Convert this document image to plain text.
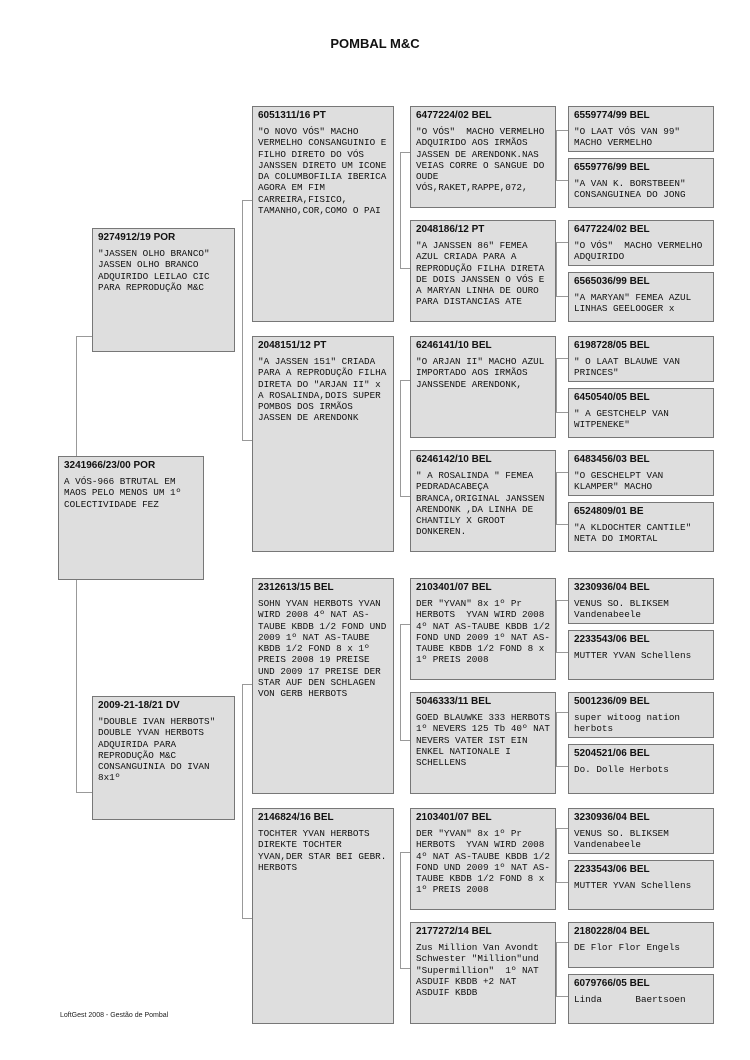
POMBAL M&C
3241966/23/00 POR
A VÓS-966 BTRUTAL EM MAOS PELO MENOS UM 1º COLECTIVIDADE FEZ
9274912/19 POR
"JASSEN OLHO BRANCO" JASSEN OLHO BRANCO ADQUIRIDO LEILAO CIC PARA REPRODUÇÃO M&C
2009-21-18/21 DV
"DOUBLE IVAN HERBOTS" DOUBLE YVAN HERBOTS ADQUIRIDA PARA REPRODUÇÃO M&C CONSANGUINIA DO IVAN 8x1º
6051311/16 PT
"O NOVO VÓS" MACHO VERMELHO CONSANGUINIO E FILHO DIRETO DO VÓS JANSSEN DIRETO UM ICONE DA COLUMBOFILIA IBERICA AGORA EM FIM CARREIRA,FISICO, TAMANHO,COR,COMO O PAI
2048151/12 PT
"A JASSEN 151" CRIADA PARA A REPRODUÇÃO FILHA DIRETA DO "ARJAN II" x A ROSALINDA,DOIS SUPER POMBOS DOS IRMÃOS JASSEN DE ARENDONK
2312613/15 BEL
SOHN YVAN HERBOTS YVAN WIRD 2008 4º NAT AS-TAUBE KBDB 1/2 FOND UND 2009 1º NAT AS-TAUBE KBDB 1/2 FOND 8 x 1º PREIS 2008 19 PREISE UND 2009 17 PREISE DER STAR AUF DEN SCHLAGEN VON GERB HERBOTS
2146824/16 BEL
TOCHTER YVAN HERBOTS DIREKTE TOCHTER YVAN,DER STAR BEI GEBR. HERBOTS
6477224/02 BEL
"O VÓS"  MACHO VERMELHO ADQUIRIDO AOS IRMÃOS JASSEN DE ARENDONK.NAS VEIAS CORRE O SANGUE DO OUDE VÓS,RAKET,RAPPE,072,
2048186/12 PT
"A JANSSEN 86" FEMEA AZUL CRIADA PARA A REPRODUÇÃO FILHA DIRETA DE DOIS JANSSEN O VÓS E A MARYAN LINHA DE OURO PARA DISTANCIAS ATE
6246141/10 BEL
"O ARJAN II" MACHO AZUL IMPORTADO AOS IRMÃOS JANSSENDE ARENDONK,
6246142/10 BEL
" A ROSALINDA " FEMEA PEDRADACABEÇA BRANCA,ORIGINAL JANSSEN ARENDONK ,DA LINHA DE CHANTILY X GROOT DONKEREN.
2103401/07 BEL
DER "YVAN" 8x 1º Pr HERBOTS  YVAN WIRD 2008 4º NAT AS-TAUBE KBDB 1/2 FOND UND 2009 1º NAT AS-TAUBE KBDB 1/2 FOND 8 x 1º PREIS 2008
5046333/11 BEL
GOED BLAUWKE 333 HERBOTS 1º NEVERS 125 Tb 40º NAT NEVERS VATER IST EIN ENKEL NATIONALE I SCHELLENS
2103401/07 BEL
DER "YVAN" 8x 1º Pr HERBOTS  YVAN WIRD 2008 4º NAT AS-TAUBE KBDB 1/2 FOND UND 2009 1º NAT AS-TAUBE KBDB 1/2 FOND 8 x 1º PREIS 2008
2177272/14 BEL
Zus Million Van Avondt Schwester "Million"und "Supermillion"  1º NAT ASDUIF KBDB +2 NAT ASDUIF KBDB
6559774/99 BEL
"O LAAT VÓS VAN 99" MACHO VERMELHO
6559776/99 BEL
"A VAN K. BORSTBEEN" CONSANGUINEA DO JONG
6477224/02 BEL
"O VÓS"  MACHO VERMELHO ADQUIRIDO
6565036/99 BEL
"A MARYAN" FEMEA AZUL LINHAS GEELOOGER x
6198728/05 BEL
" O LAAT BLAUWE VAN PRINCES"
6450540/05 BEL
" A GESTCHELP VAN WITPENEKE"
6483456/03 BEL
"O GESCHELPT VAN KLAMPER" MACHO
6524809/01 BE
"A KLDOCHTER CANTILE" NETA DO IMORTAL
3230936/04 BEL
VENUS SO. BLIKSEM Vandenabeele
2233543/06 BEL
MUTTER YVAN Schellens
5001236/09 BEL
super witoog nation herbots
5204521/06 BEL
Do. Dolle Herbots
3230936/04 BEL
VENUS SO. BLIKSEM Vandenabeele
2233543/06 BEL
MUTTER YVAN Schellens
2180228/04 BEL
DE Flor Flor Engels
6079766/05 BEL
Linda      Baertsoen
LoftGest 2008 - Gestão de Pombal
